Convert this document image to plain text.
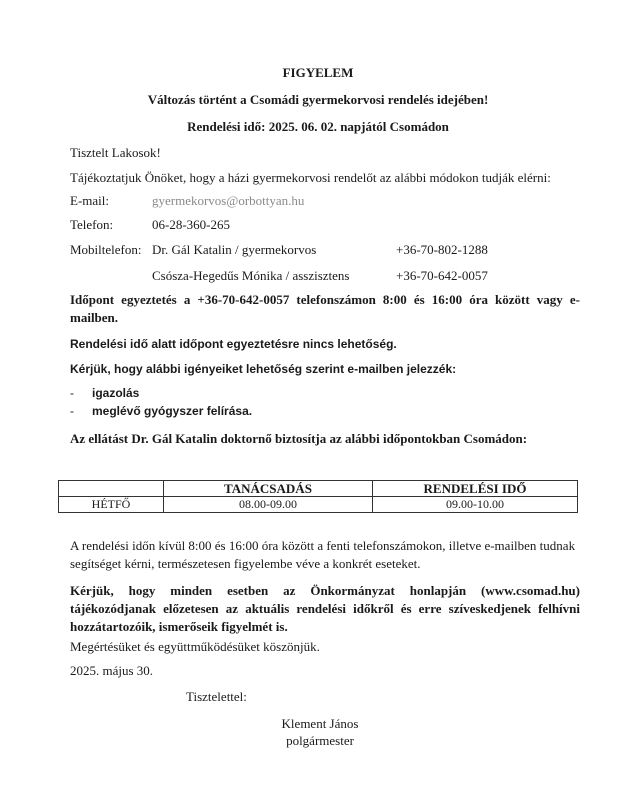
FIGYELEM
Változás történt a Csomádi gyermekorvosi rendelés idejében!
Rendelési idő: 2025. 06. 02. napjától Csomádon
Tisztelt Lakosok!
Tájékoztatjuk Önöket, hogy a házi gyermekorvosi rendelőt az alábbi módokon tudják elérni:
E-mail:	gyermekorvos@orbottyan.hu
Telefon:	06-28-360-265
Mobiltelefon: Dr. Gál Katalin / gyermekorvos	+36-70-802-1288
Csósza-Hegedűs Mónika / asszisztens	+36-70-642-0057
Időpont egyeztetés a +36-70-642-0057 telefonszámon 8:00 és 16:00 óra között vagy e-
mailben.
Rendelési idő alatt időpont egyeztetésre nincs lehetőség.
Kérjük, hogy alábbi igényeiket lehetőség szerint e-mailben jelezzék:
- igazolás
- meglévő gyógyszer felírása.
Az ellátást Dr. Gál Katalin doktornő biztosítja az alábbi időpontokban Csomádon:
	TANÁCSADÁS	RENDELÉSI IDŐ
HÉTFŐ	08.00-09.00	09.00-10.00
A rendelési időn kívül 8:00 és 16:00 óra között a fenti telefonszámokon, illetve e-mailben tudnak
segítséget kérni, természetesen figyelembe véve a konkrét eseteket.
Kérjük, hogy minden esetben az Önkormányzat honlapján (www.csomad.hu)
tájékozódjanak előzetesen az aktuális rendelési időkről és erre szíveskedjenek felhívni
hozzátartozóik, ismerőseik figyelmét is.
Megértésüket és együttműködésüket köszönjük.
2025. május 30.
Tisztelettel:
Klement János
polgármester
